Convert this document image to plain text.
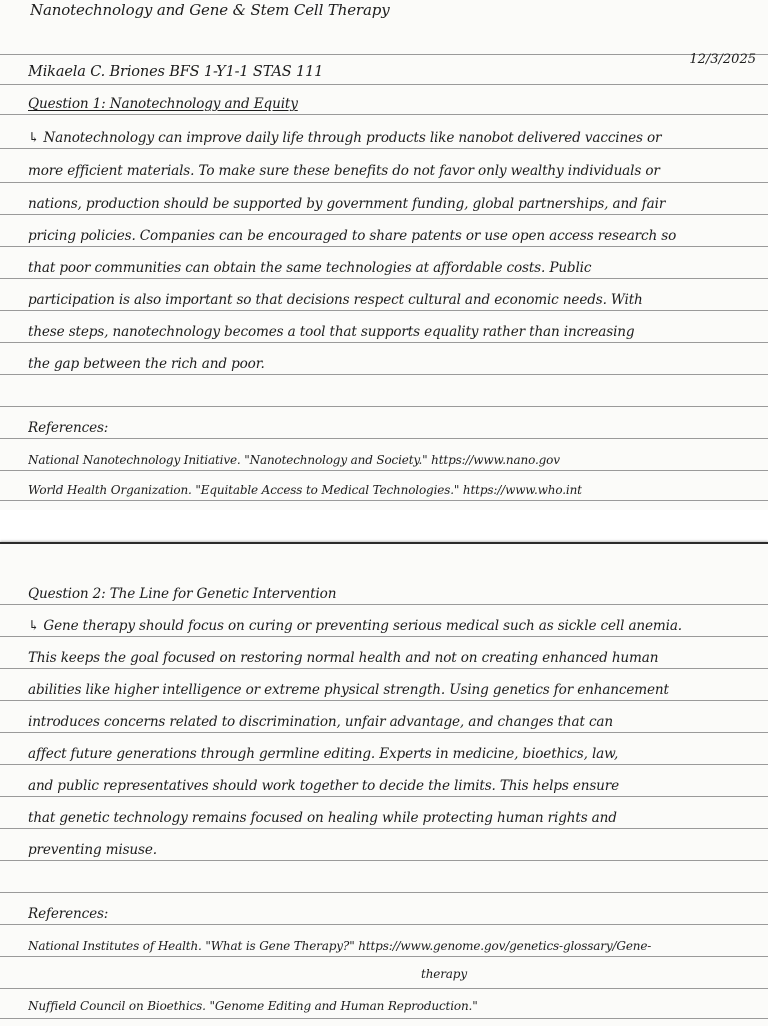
Nanotechnology and Gene & Stem Cell Therapy
Mikaela C. Briones BFS 1-Y1-1 STAS 111
12/3/2025
Question 1: Nanotechnology and Equity
↳ Nanotechnology can improve daily life through products like nanobot delivered vaccines or
more efficient materials. To make sure these benefits do not favor only wealthy individuals or
nations, production should be supported by government funding, global partnerships, and fair
pricing policies. Companies can be encouraged to share patents or use open access research so
that poor communities can obtain the same technologies at affordable costs. Public
participation is also important so that decisions respect cultural and economic needs. With
these steps, nanotechnology becomes a tool that supports equality rather than increasing
the gap between the rich and poor.
References:
National Nanotechnology Initiative. "Nanotechnology and Society." https://www.nano.gov
World Health Organization. "Equitable Access to Medical Technologies." https://www.who.int
Question 2: The Line for Genetic Intervention
↳ Gene therapy should focus on curing or preventing serious medical such as sickle cell anemia.
This keeps the goal focused on restoring normal health and not on creating enhanced human
abilities like higher intelligence or extreme physical strength. Using genetics for enhancement
introduces concerns related to discrimination, unfair advantage, and changes that can
affect future generations through germline editing. Experts in medicine, bioethics, law,
and public representatives should work together to decide the limits. This helps ensure
that genetic technology remains focused on healing while protecting human rights and
preventing misuse.
References:
National Institutes of Health. "What is Gene Therapy?" https://www.genome.gov/genetics-glossary/Gene-
therapy
Nuffield Council on Bioethics. "Genome Editing and Human Reproduction."
